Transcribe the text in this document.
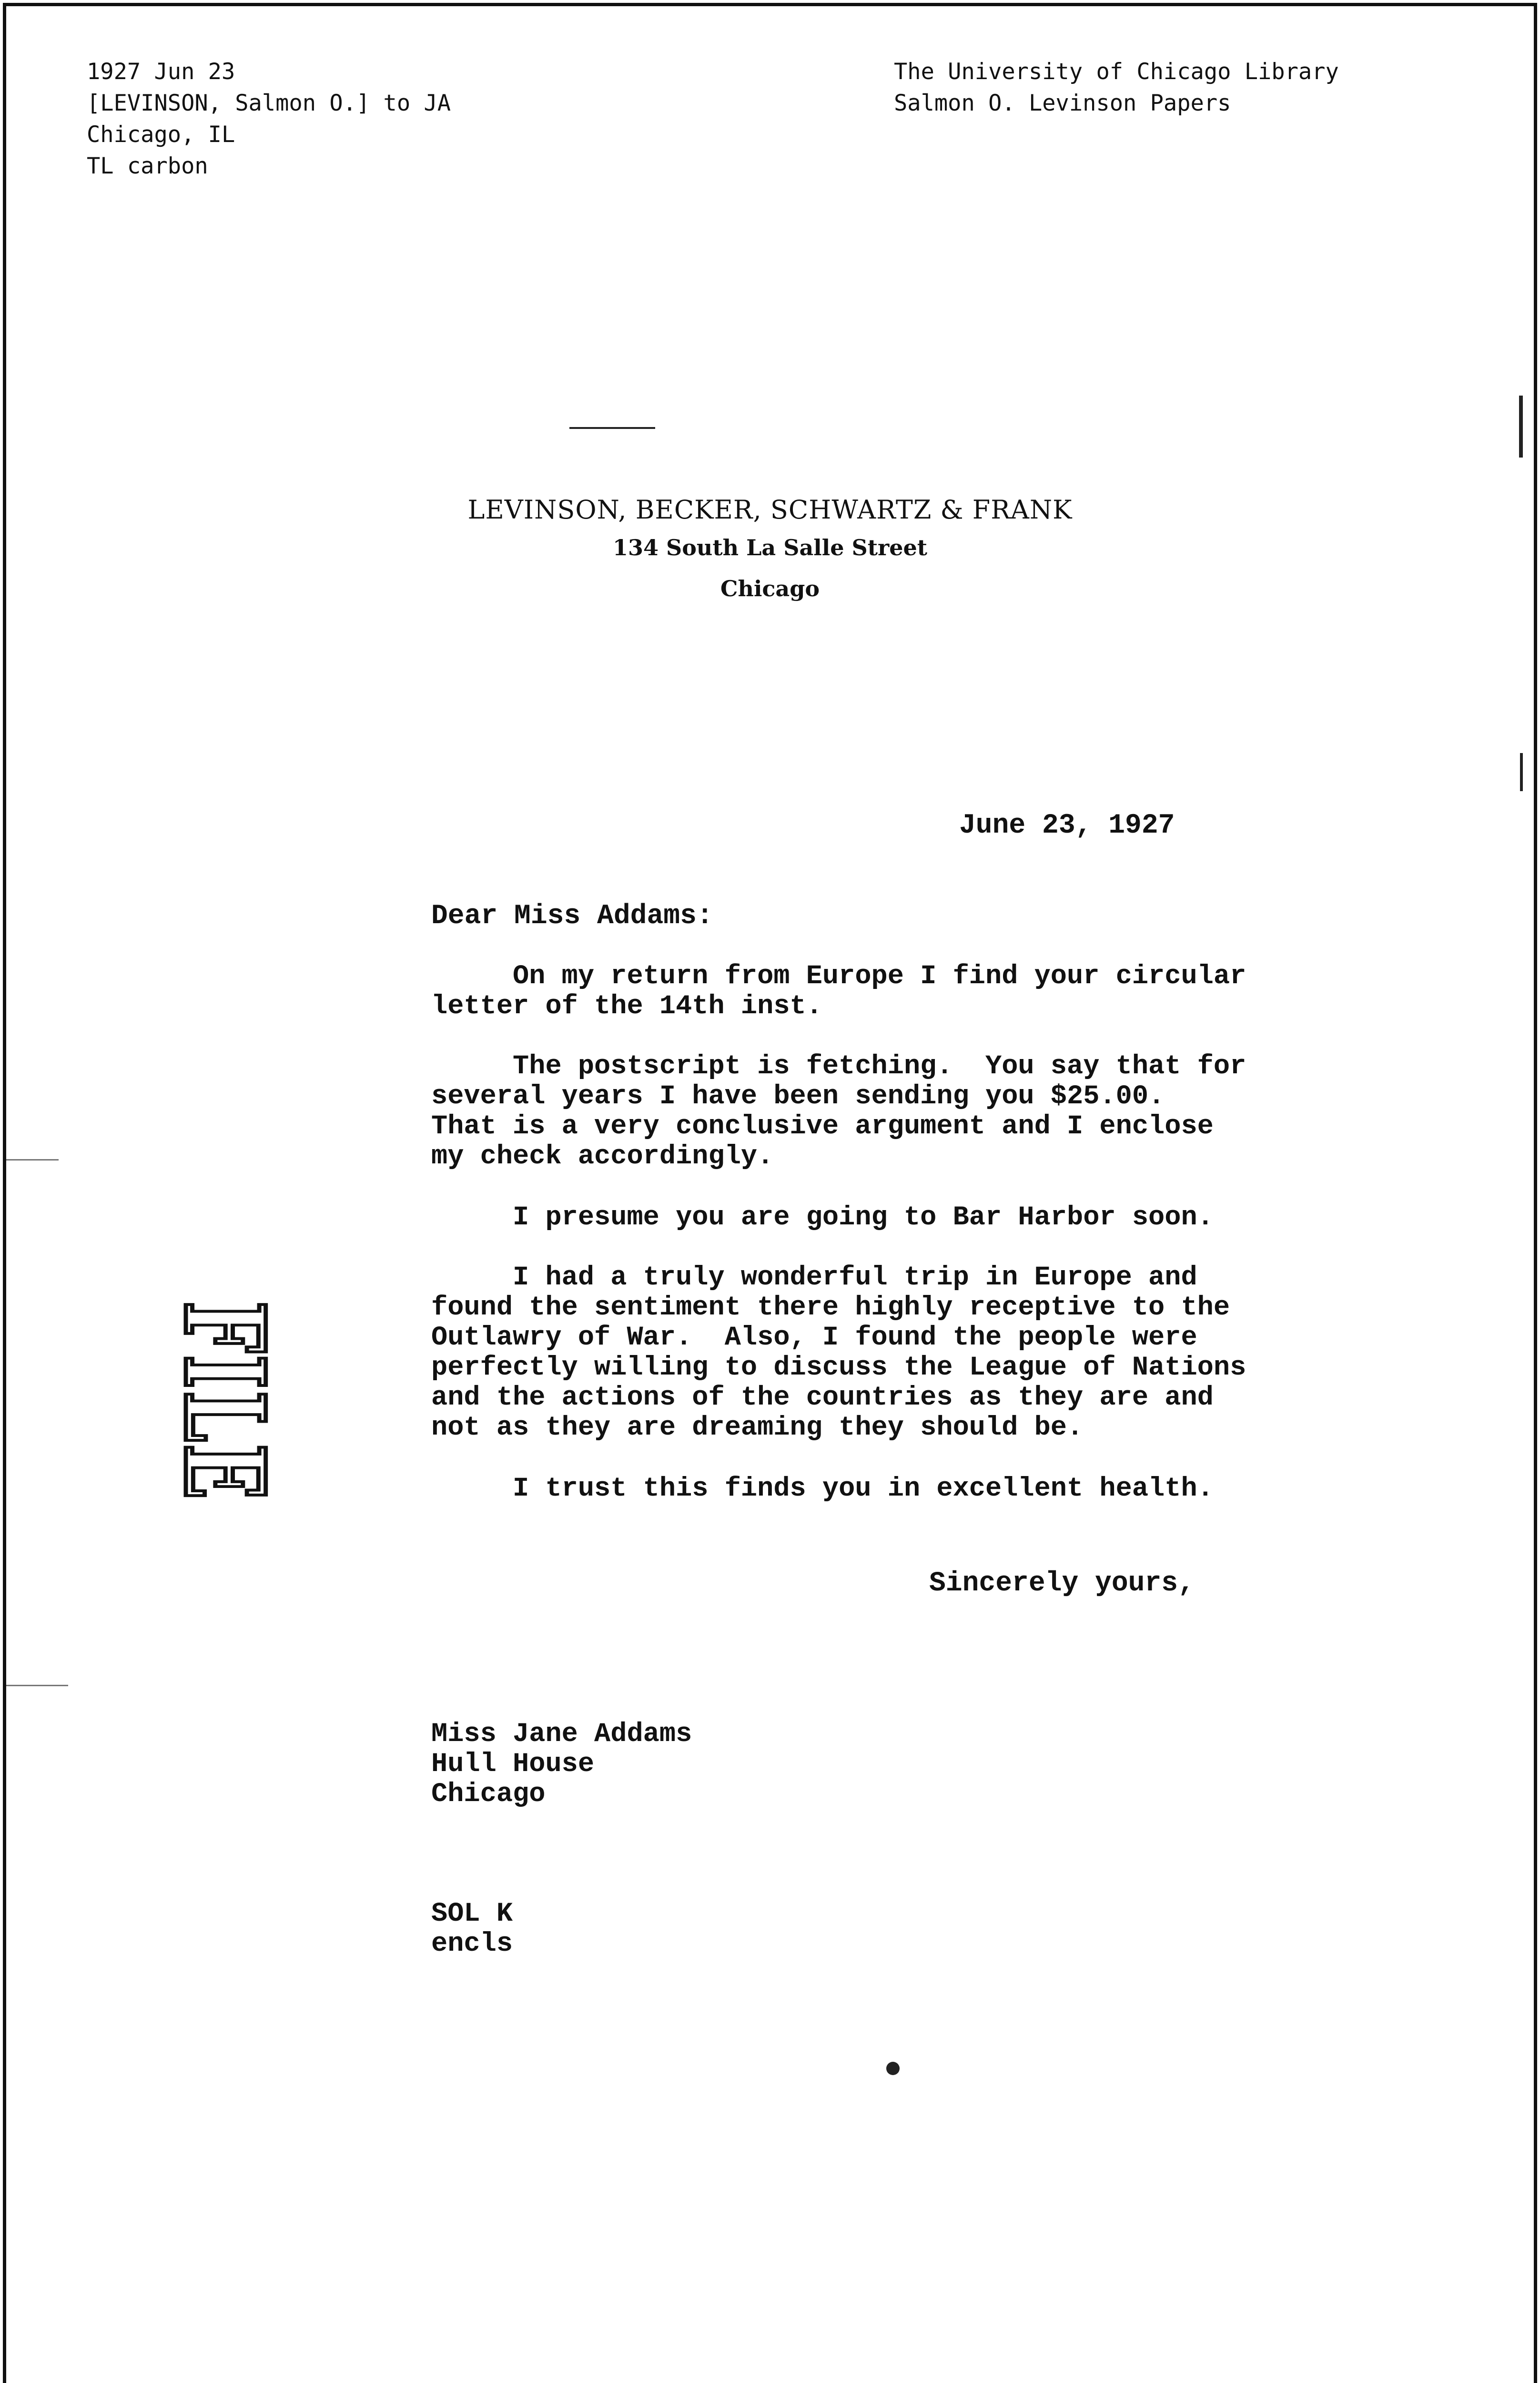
1927 Jun 23
[LEVINSON, Salmon O.] to JA
Chicago, IL
TL carbon
The University of Chicago Library
Salmon O. Levinson Papers
LEVINSON, BECKER, SCHWARTZ & FRANK
134 South La Salle Street
Chicago
June 23, 1927
Dear Miss Addams:
On my return from Europe I find your circular
letter of the 14th inst.
The postscript is fetching.  You say that for
several years I have been sending you $25.00.
That is a very conclusive argument and I enclose
my check accordingly.
I presume you are going to Bar Harbor soon.
I had a truly wonderful trip in Europe and
found the sentiment there highly receptive to the
Outlawry of War.  Also, I found the people were
perfectly willing to discuss the League of Nations
and the actions of the countries as they are and
not as they are dreaming they should be.
I trust this finds you in excellent health.
Sincerely yours,
Miss Jane Addams
Hull House
Chicago
SOL K
encls
FILE
